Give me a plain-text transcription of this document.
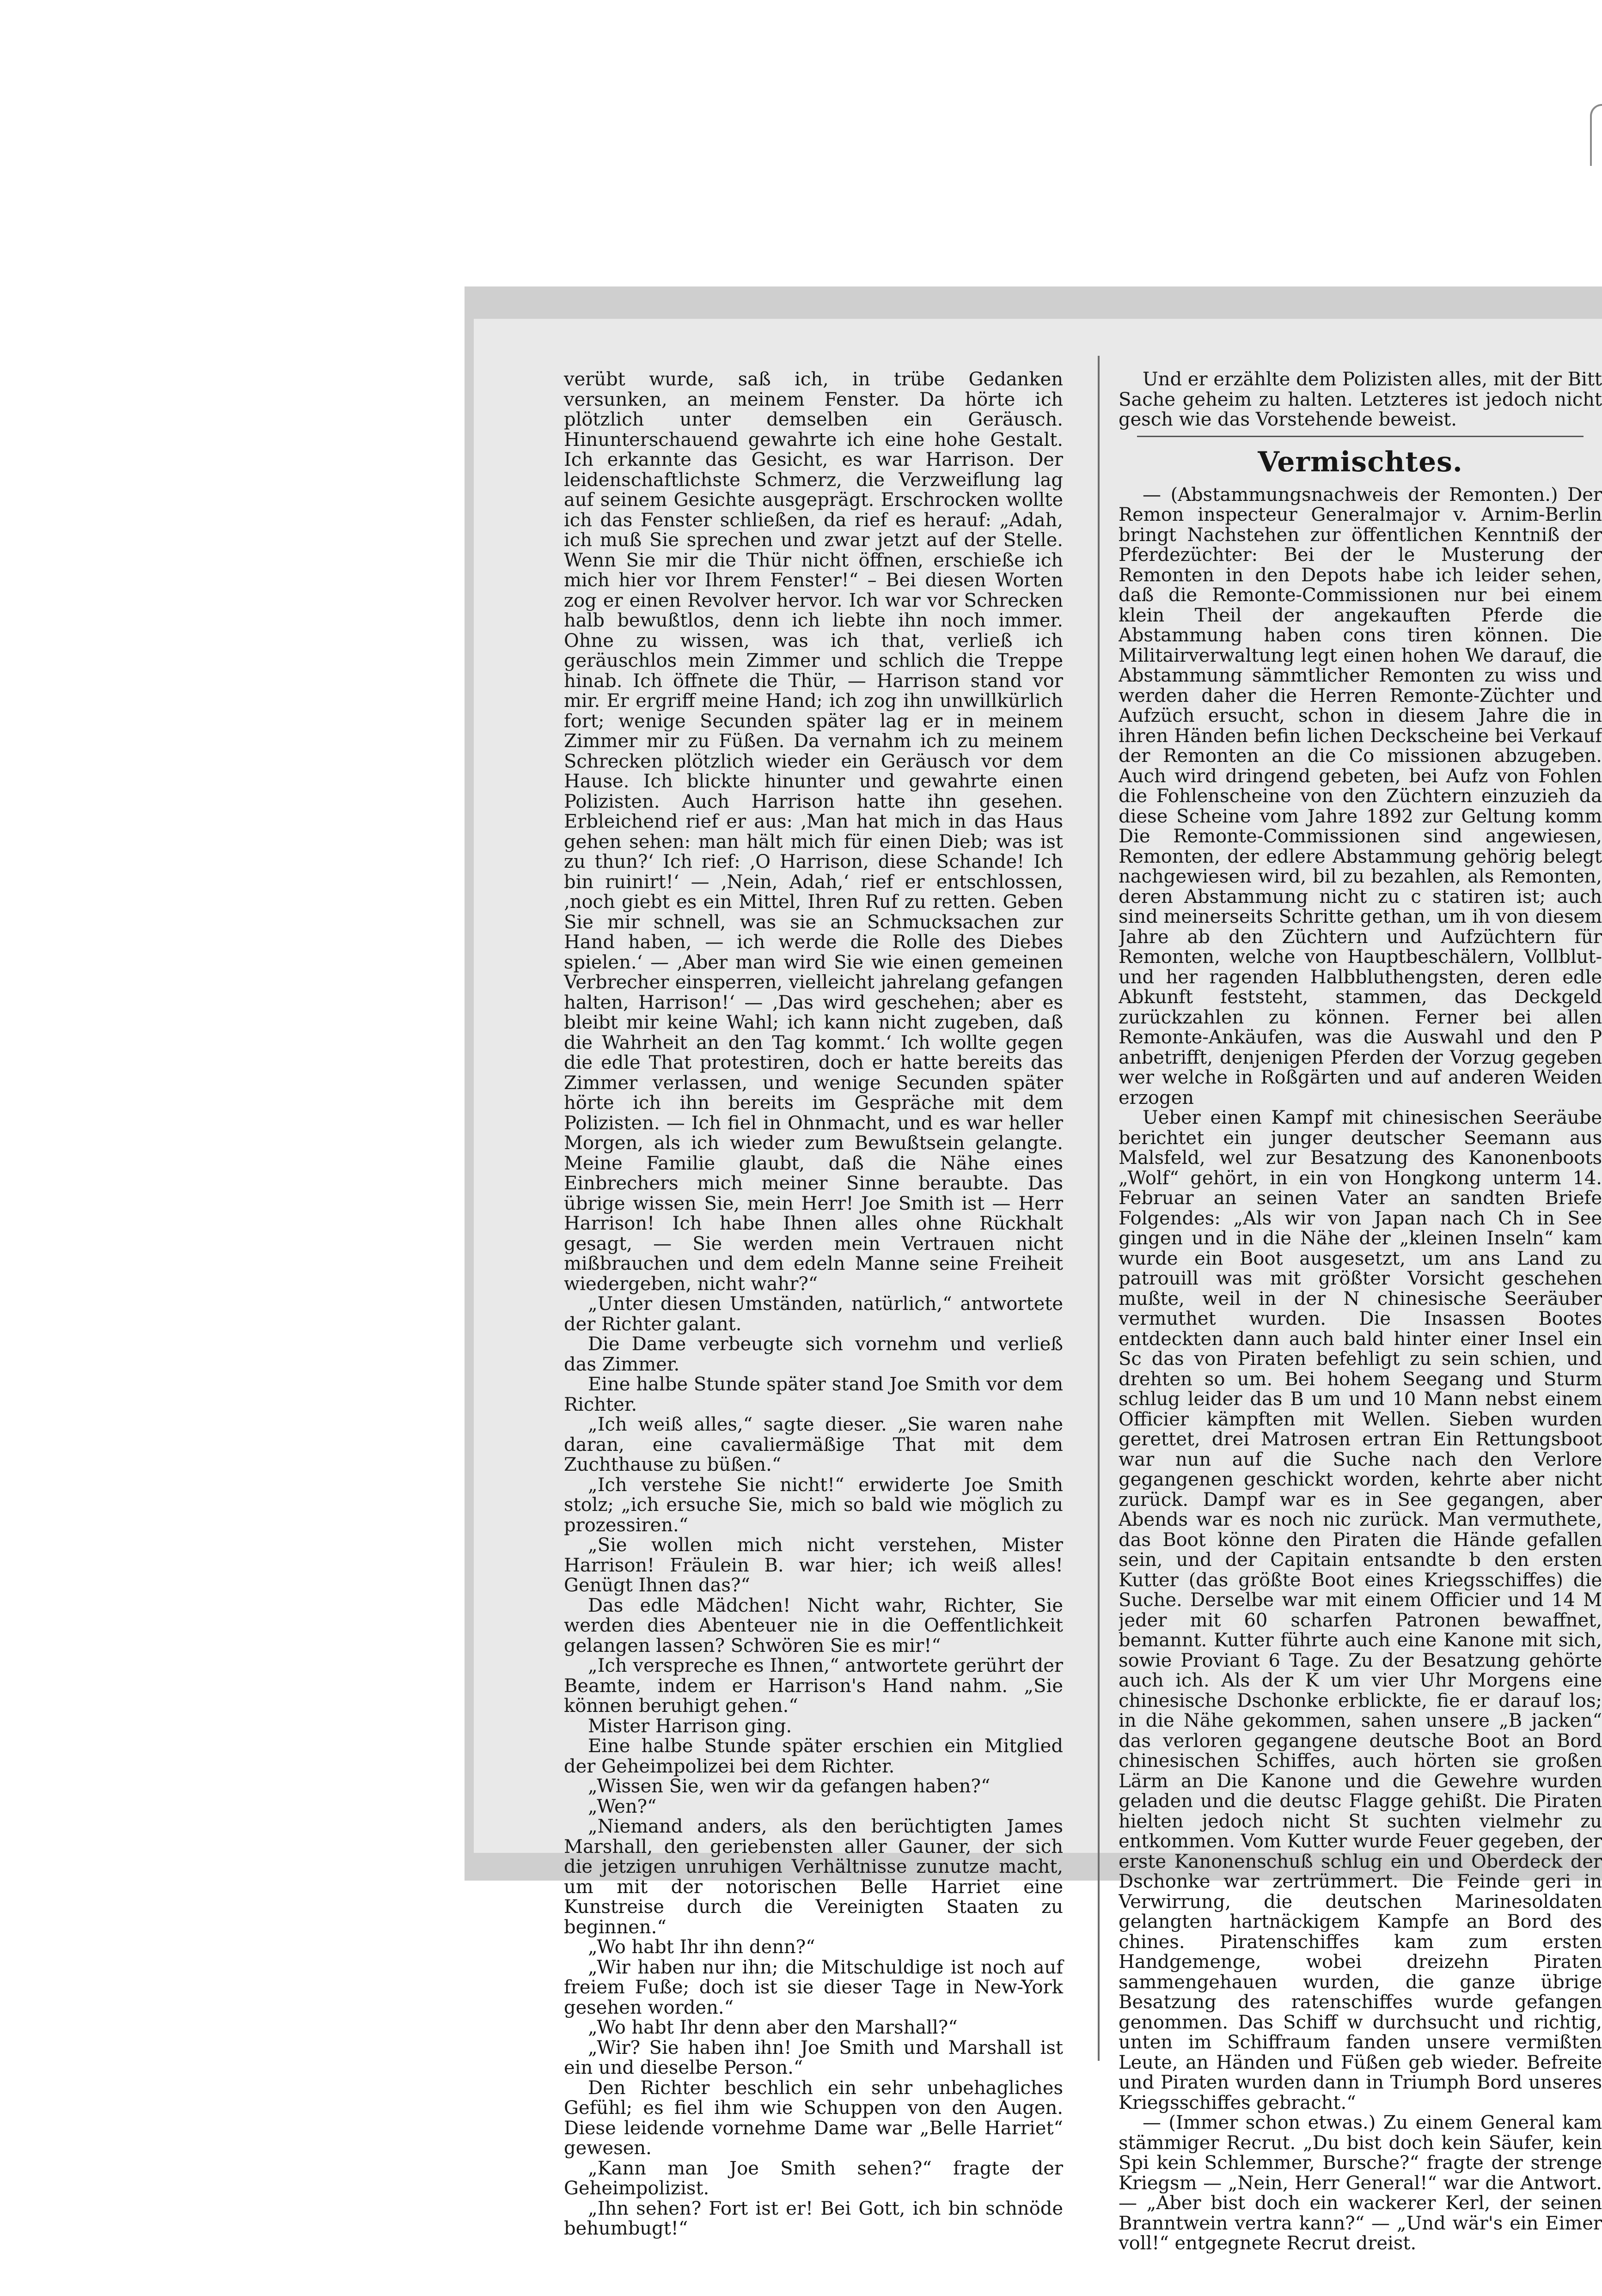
verübt wurde, saß ich, in trübe Gedanken versunken, an meinem Fenster. Da hörte ich plötzlich unter demselben ein Geräusch. Hinunterschauend gewahrte ich eine hohe Gestalt. Ich erkannte das Gesicht, es war Harrison. Der leidenschaftlichste Schmerz, die Verzweiflung lag auf seinem Gesichte ausgeprägt. Erschrocken wollte ich das Fenster schließen, da rief es herauf: „Adah, ich muß Sie sprechen und zwar jetzt auf der Stelle. Wenn Sie mir die Thür nicht öffnen, erschieße ich mich hier vor Ihrem Fenster!“ – Bei diesen Worten zog er einen Revolver hervor. Ich war vor Schrecken halb bewußtlos, denn ich liebte ihn noch immer. Ohne zu wissen, was ich that, verließ ich geräuschlos mein Zimmer und schlich die Treppe hinab. Ich öffnete die Thür, — Harrison stand vor mir. Er ergriff meine Hand; ich zog ihn unwillkürlich fort; wenige Secunden später lag er in meinem Zimmer mir zu Füßen. Da vernahm ich zu meinem Schrecken plötzlich wieder ein Geräusch vor dem Hause. Ich blickte hinunter und gewahrte einen Polizisten. Auch Harrison hatte ihn gesehen. Erbleichend rief er aus: ‚Man hat mich in das Haus gehen sehen: man hält mich für einen Dieb; was ist zu thun?‘ Ich rief: ‚O Harrison, diese Schande! Ich bin ruinirt!‘ — ‚Nein, Adah,‘ rief er entschlossen, ‚noch giebt es ein Mittel, Ihren Ruf zu retten. Geben Sie mir schnell, was sie an Schmucksachen zur Hand haben, — ich werde die Rolle des Diebes spielen.‘ — ‚Aber man wird Sie wie einen gemeinen Verbrecher einsperren, vielleicht jahrelang gefangen halten, Harrison!‘ — ‚Das wird geschehen; aber es bleibt mir keine Wahl; ich kann nicht zugeben, daß die Wahrheit an den Tag kommt.‘ Ich wollte gegen die edle That protestiren, doch er hatte bereits das Zimmer verlassen, und wenige Secunden später hörte ich ihn bereits im Gespräche mit dem Polizisten. — Ich fiel in Ohnmacht, und es war heller Morgen, als ich wieder zum Bewußtsein gelangte. Meine Familie glaubt, daß die Nähe eines Einbrechers mich meiner Sinne beraubte. Das übrige wissen Sie, mein Herr! Joe Smith ist — Herr Harrison! Ich habe Ihnen alles ohne Rückhalt gesagt, — Sie werden mein Vertrauen nicht mißbrauchen und dem edeln Manne seine Freiheit wiedergeben, nicht wahr?“

„Unter diesen Umständen, natürlich,“ antwortete der Richter galant.

Die Dame verbeugte sich vornehm und verließ das Zimmer.

Eine halbe Stunde später stand Joe Smith vor dem Richter.

„Ich weiß alles,“ sagte dieser. „Sie waren nahe daran, eine cavaliermäßige That mit dem Zuchthause zu büßen.“

„Ich verstehe Sie nicht!“ erwiderte Joe Smith stolz; „ich ersuche Sie, mich so bald wie möglich zu prozessiren.“

„Sie wollen mich nicht verstehen, Mister Harrison! Fräulein B. war hier; ich weiß alles! Genügt Ihnen das?“

Das edle Mädchen! Nicht wahr, Richter, Sie werden dies Abenteuer nie in die Oeffentlichkeit gelangen lassen? Schwören Sie es mir!“

„Ich verspreche es Ihnen,“ antwortete gerührt der Beamte, indem er Harrison's Hand nahm. „Sie können beruhigt gehen.“

Mister Harrison ging.

Eine halbe Stunde später erschien ein Mitglied der Geheimpolizei bei dem Richter.

„Wissen Sie, wen wir da gefangen haben?“

„Wen?“

„Niemand anders, als den berüchtigten James Marshall, den geriebensten aller Gauner, der sich die jetzigen unruhigen Verhältnisse zunutze macht, um mit der notorischen Belle Harriet eine Kunstreise durch die Vereinigten Staaten zu beginnen.“

„Wo habt Ihr ihn denn?“

„Wir haben nur ihn; die Mitschuldige ist noch auf freiem Fuße; doch ist sie dieser Tage in New-York gesehen worden.“

„Wo habt Ihr denn aber den Marshall?“

„Wir? Sie haben ihn! Joe Smith und Marshall ist ein und dieselbe Person.“

Den Richter beschlich ein sehr unbehagliches Gefühl; es fiel ihm wie Schuppen von den Augen. Diese leidende vornehme Dame war „Belle Harriet“ gewesen.

„Kann man Joe Smith sehen?“ fragte der Geheimpolizist.

„Ihn sehen? Fort ist er! Bei Gott, ich bin schnöde behumbugt!“

Und er erzählte dem Polizisten alles, mit der Bitt Sache geheim zu halten. Letzteres ist jedoch nicht gesch wie das Vorstehende beweist.

Vermischtes.

— (Abstammungsnachweis der Remonten.) Der Remon inspecteur Generalmajor v. Arnim-Berlin bringt Nachstehen zur öffentlichen Kenntniß der Pferdezüchter: Bei der le Musterung der Remonten in den Depots habe ich leider sehen, daß die Remonte-Commissionen nur bei einem klein Theil der angekauften Pferde die Abstammung haben cons tiren können. Die Militairverwaltung legt einen hohen We darauf, die Abstammung sämmtlicher Remonten zu wiss und werden daher die Herren Remonte-Züchter und Aufzüch ersucht, schon in diesem Jahre die in ihren Händen befin lichen Deckscheine bei Verkauf der Remonten an die Co missionen abzugeben. Auch wird dringend gebeten, bei Aufz von Fohlen die Fohlenscheine von den Züchtern einzuzieh da diese Scheine vom Jahre 1892 zur Geltung komm Die Remonte-Commissionen sind angewiesen, Remonten, der edlere Abstammung gehörig belegt nachgewiesen wird, bil zu bezahlen, als Remonten, deren Abstammung nicht zu c statiren ist; auch sind meinerseits Schritte gethan, um ih von diesem Jahre ab den Züchtern und Aufzüchtern für Remonten, welche von Hauptbeschälern, Vollblut- und her ragenden Halbbluthengsten, deren edle Abkunft feststeht, stammen, das Deckgeld zurückzahlen zu können. Ferner bei allen Remonte-Ankäufen, was die Auswahl und den P anbetrifft, denjenigen Pferden der Vorzug gegeben wer welche in Roßgärten und auf anderen Weiden erzogen

Ueber einen Kampf mit chinesischen Seeräube berichtet ein junger deutscher Seemann aus Malsfeld, wel zur Besatzung des Kanonenboots „Wolf“ gehört, in ein von Hongkong unterm 14. Februar an seinen Vater an sandten Briefe Folgendes: „Als wir von Japan nach Ch in See gingen und in die Nähe der „kleinen Inseln“ kam wurde ein Boot ausgesetzt, um ans Land zu patrouill was mit größter Vorsicht geschehen mußte, weil in der N chinesische Seeräuber vermuthet wurden. Die Insassen Bootes entdeckten dann auch bald hinter einer Insel ein Sc das von Piraten befehligt zu sein schien, und drehten so um. Bei hohem Seegang und Sturm schlug leider das B um und 10 Mann nebst einem Officier kämpften mit Wellen. Sieben wurden gerettet, drei Matrosen ertran Ein Rettungsboot war nun auf die Suche nach den Verlore gegangenen geschickt worden, kehrte aber nicht zurück. Dampf war es in See gegangen, aber Abends war es noch nic zurück. Man vermuthete, das Boot könne den Piraten die Hände gefallen sein, und der Capitain entsandte b den ersten Kutter (das größte Boot eines Kriegsschiffes) die Suche. Derselbe war mit einem Officier und 14 M jeder mit 60 scharfen Patronen bewaffnet, bemannt. Kutter führte auch eine Kanone mit sich, sowie Proviant 6 Tage. Zu der Besatzung gehörte auch ich. Als der K um vier Uhr Morgens eine chinesische Dschonke erblickte, fie er darauf los; in die Nähe gekommen, sahen unsere „B jacken“ das verloren gegangene deutsche Boot an Bord chinesischen Schiffes, auch hörten sie großen Lärm an Die Kanone und die Gewehre wurden geladen und die deutsc Flagge gehißt. Die Piraten hielten jedoch nicht St suchten vielmehr zu entkommen. Vom Kutter wurde Feuer gegeben, der erste Kanonenschuß schlug ein und Oberdeck der Dschonke war zertrümmert. Die Feinde geri in Verwirrung, die deutschen Marinesoldaten gelangten hartnäckigem Kampfe an Bord des chines. Piratenschiffes kam zum ersten Handgemenge, wobei dreizehn Piraten sammengehauen wurden, die ganze übrige Besatzung des ratenschiffes wurde gefangen genommen. Das Schiff w durchsucht und richtig, unten im Schiffraum fanden unsere vermißten Leute, an Händen und Füßen geb wieder. Befreite und Piraten wurden dann in Triumph Bord unseres Kriegsschiffes gebracht.“

— (Immer schon etwas.) Zu einem General kam stämmiger Recrut. „Du bist doch kein Säufer, kein Spi kein Schlemmer, Bursche?“ fragte der strenge Kriegsm — „Nein, Herr General!“ war die Antwort. — „Aber bist doch ein wackerer Kerl, der seinen Branntwein vertra kann?“ — „Und wär's ein Eimer voll!“ entgegnete Recrut dreist.
